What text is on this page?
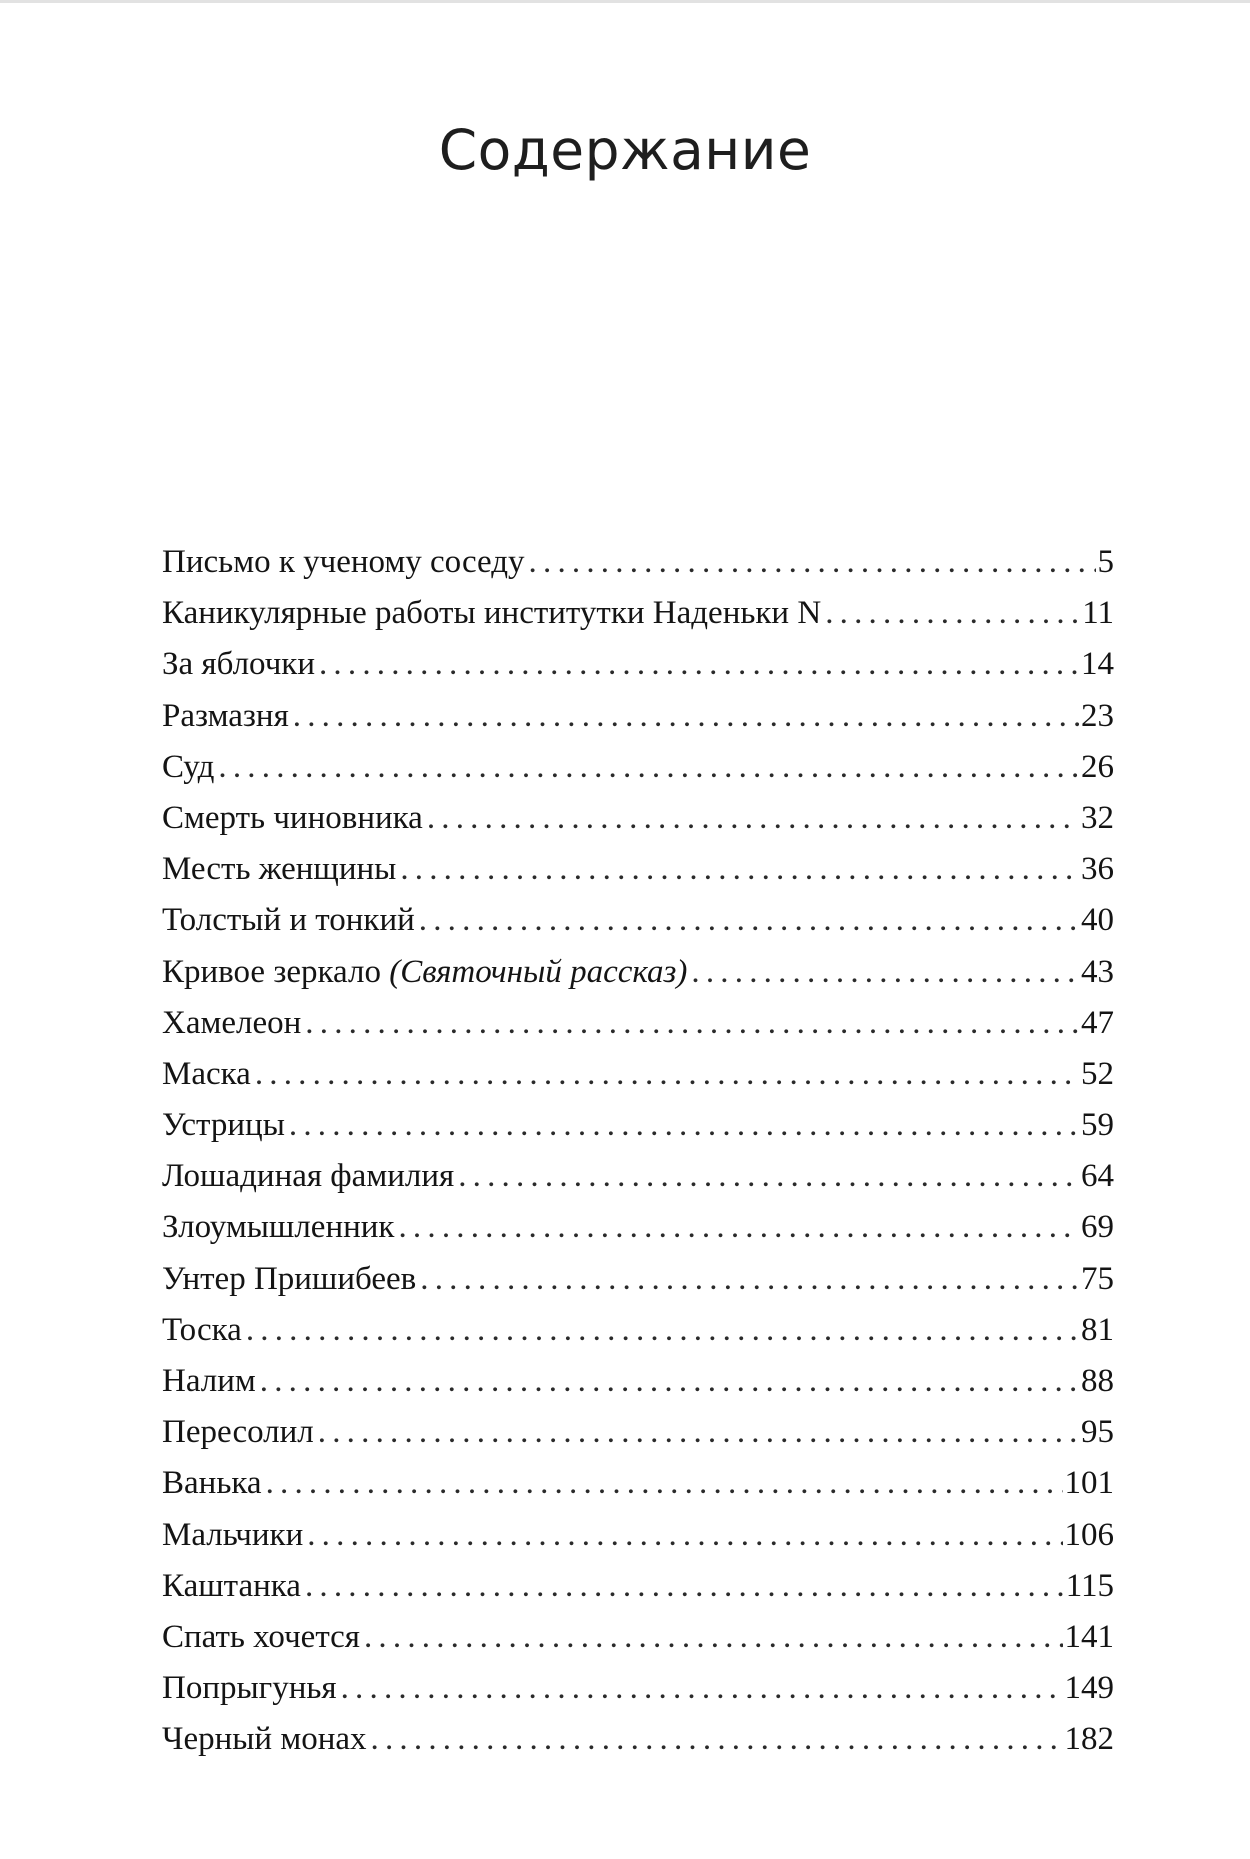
Содержание
Письмо к ученому соседу .....	5
Каникулярные работы институтки Наденьки N .....	11
За яблочки .....	14
Размазня .....	23
Суд .....	26
Смерть чиновника .....	32
Месть женщины .....	36
Толстый и тонкий .....	40
Кривое зеркало (Святочный рассказ) .....	43
Хамелеон .....	47
Маска .....	52
Устрицы .....	59
Лошадиная фамилия .....	64
Злоумышленник .....	69
Унтер Пришибеев .....	75
Тоска .....	81
Налим .....	88
Пересолил .....	95
Ванька .....	101
Мальчики .....	106
Каштанка .....	115
Спать хочется .....	141
Попрыгунья .....	149
Черный монах .....	182
